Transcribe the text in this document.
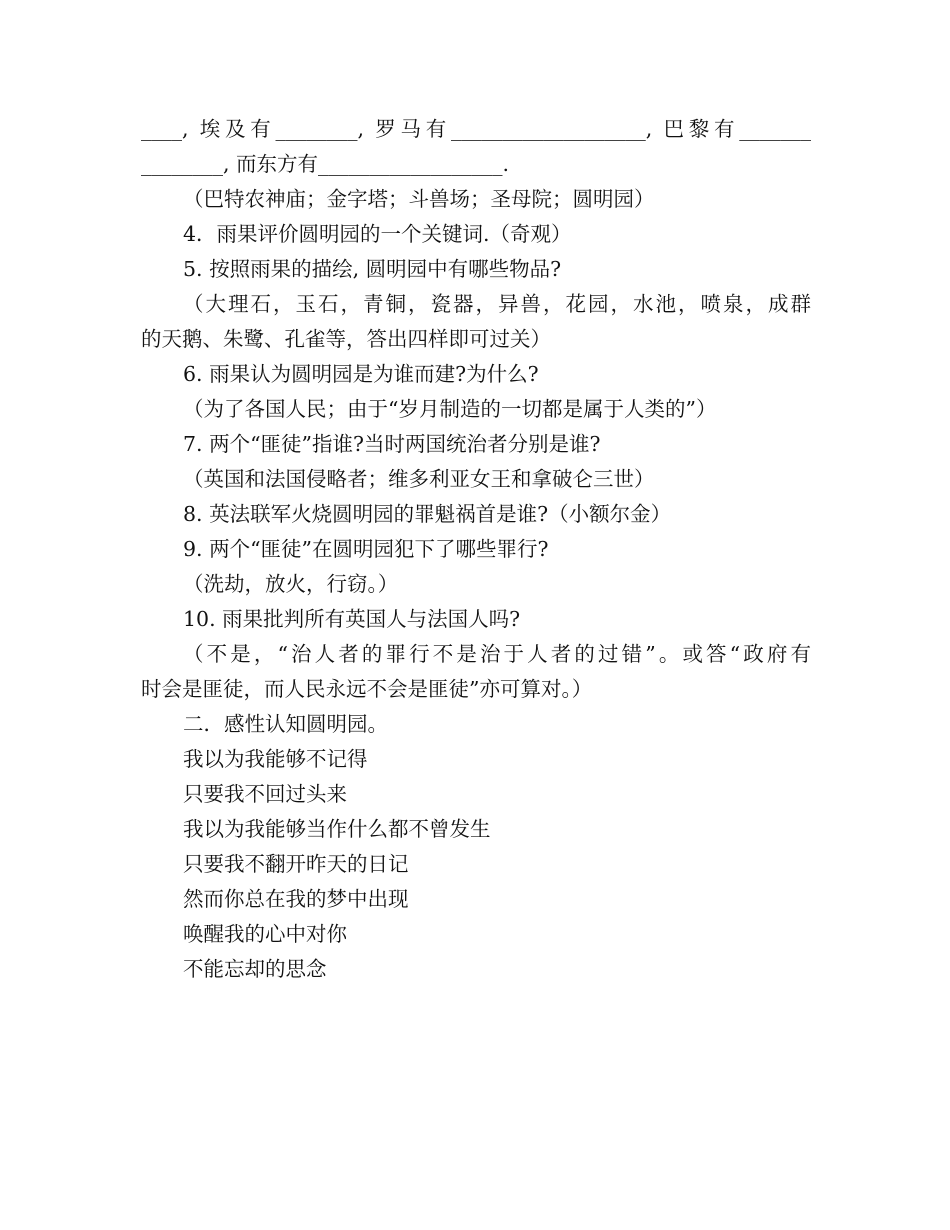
____, 埃及有________, 罗马有___________________, 巴黎有_______
________, 而东方有__________________.
（巴特农神庙；金字塔；斗兽场；圣母院；圆明园）
4．雨果评价圆明园的一个关键词.（奇观）
5. 按照雨果的描绘, 圆明园中有哪些物品?
（大理石，玉石，青铜，瓷器，异兽，花园，水池，喷泉，成群
的天鹅、朱鹭、孔雀等，答出四样即可过关）
6. 雨果认为圆明园是为谁而建?为什么?
（为了各国人民；由于“岁月制造的一切都是属于人类的”）
7. 两个“匪徒”指谁?当时两国统治者分别是谁?
（英国和法国侵略者；维多利亚女王和拿破仑三世）
8. 英法联军火烧圆明园的罪魁祸首是谁?（小额尔金）
9. 两个“匪徒”在圆明园犯下了哪些罪行?
（洗劫，放火，行窃。）
10. 雨果批判所有英国人与法国人吗?
（不是，“治人者的罪行不是治于人者的过错”。或答“政府有
时会是匪徒，而人民永远不会是匪徒”亦可算对。）
二．感性认知圆明园。
我以为我能够不记得
只要我不回过头来
我以为我能够当作什么都不曾发生
只要我不翻开昨天的日记
然而你总在我的梦中出现
唤醒我的心中对你
不能忘却的思念
